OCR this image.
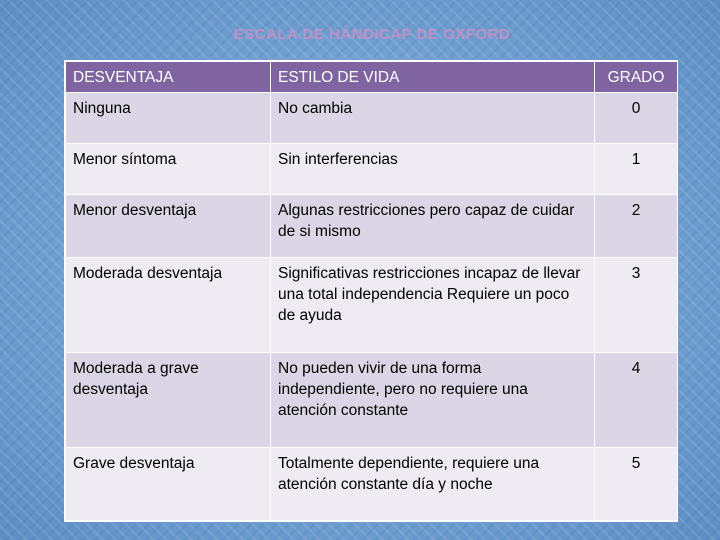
ESCALA DE HÁNDICAP DE OXFORD
DESVENTAJA	ESTILO DE VIDA	GRADO
Ninguna	No cambia	0
Menor síntoma	Sin interferencias	1
Menor desventaja	Algunas restricciones pero capaz de cuidar de si mismo	2
Moderada desventaja	Significativas restricciones incapaz de llevar una total independencia Requiere un poco de ayuda	3
Moderada a grave desventaja	No pueden vivir de una forma independiente, pero no requiere una atención constante	4
Grave desventaja	Totalmente dependiente, requiere una atención constante día y noche	5
